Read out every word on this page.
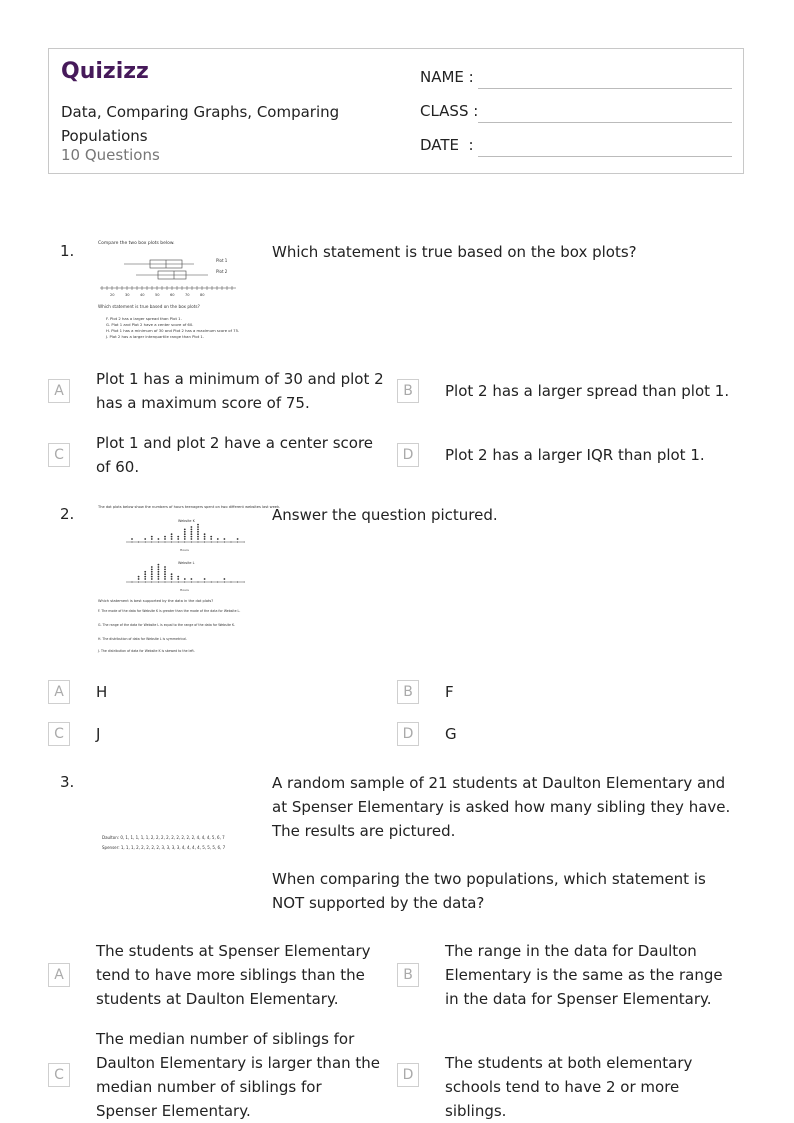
Quizizz
Data, Comparing Graphs, Comparing Populations
10 Questions
NAME :
CLASS :
DATE  :
1.	Compare the two box plots below.
Plot 1
Plot 2
20	30	40	50	60	70	80
Which statement is true based on the box plots?
F. Plot 2 has a larger spread than Plot 1.
G. Plot 1 and Plot 2 have a center score of 60.
H. Plot 1 has a minimum of 30 and Plot 2 has a maximum score of 75.
J. Plot 2 has a larger interquartile range than Plot 1.
Which statement is true based on the box plots?
A
Plot 1 has a minimum of 30 and plot 2 has a maximum score of 75.
B	Plot 2 has a larger spread than plot 1.
C
Plot 1 and plot 2 have a center score of 60.
D	Plot 2 has a larger IQR than plot 1.
2.	The dot plots below show the numbers of hours teenagers spent on two different websites last week.
Website K
Hours
Website L
Hours
Which statement is best supported by the data in the dot plots?
F. The mode of the data for Website K is greater than the mode of the data for Website L.
G. The range of the data for Website L is equal to the range of the data for Website K.
H. The distribution of data for Website L is symmetrical.
J. The distribution of data for Website K is skewed to the left.
Answer the question pictured.
A	H	B	F
C	J	D	G
3.
Daulton: 0, 1, 1, 1, 1, 1, 2, 2, 2, 2, 2, 2, 2, 2, 2, 4, 4, 4, 5, 6, 7
Spenser: 1, 1, 1, 2, 2, 2, 2, 2, 3, 3, 3, 3, 4, 4, 4, 4, 5, 5, 5, 6, 7
A random sample of 21 students at Daulton Elementary and at Spenser Elementary is asked how many sibling they have. The results are pictured.
When comparing the two populations, which statement is NOT supported by the data?
A
The students at Spenser Elementary tend to have more siblings than the students at Daulton Elementary.
B
The range in the data for Daulton Elementary is the same as the range in the data for Spenser Elementary.
C
The median number of siblings for Daulton Elementary is larger than the median number of siblings for Spenser Elementary.
D
The students at both elementary schools tend to have 2 or more siblings.
